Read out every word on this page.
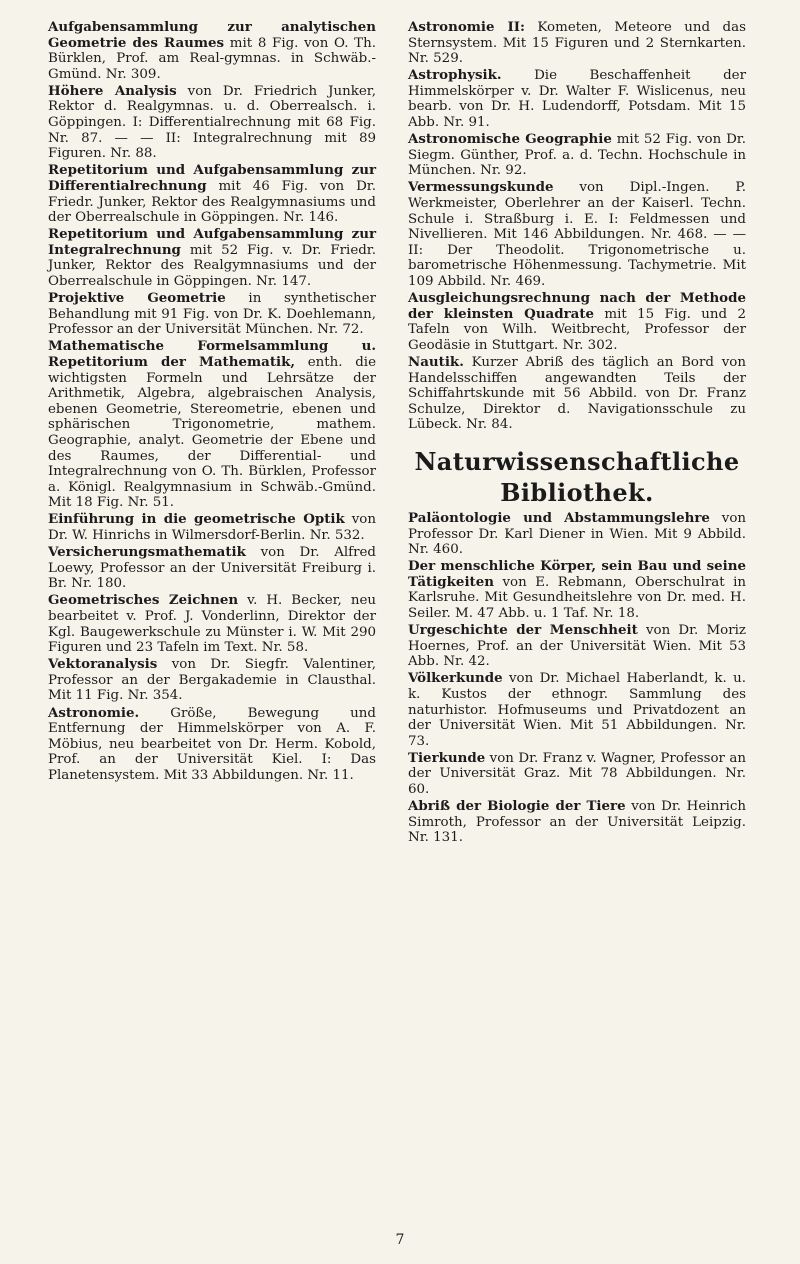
Aufgabensammlung zur analytischen Geometrie des Raumes mit 8 Fig. von O. Th. Bürklen, Prof. am Real-gymnas. in Schwäb.-Gmünd. Nr. 309.

Höhere Analysis von Dr. Friedrich Junker, Rektor d. Realgymnas. u. d. Oberrealsch. i. Göppingen. I: Differentialrechnung mit 68 Fig. Nr. 87. — — II: Integralrechnung mit 89 Figuren. Nr. 88.

Repetitorium und Aufgabensammlung zur Differentialrechnung mit 46 Fig. von Dr. Friedr. Junker, Rektor des Realgymnasiums und der Oberrealschule in Göppingen. Nr. 146.

Repetitorium und Aufgabensammlung zur Integralrechnung mit 52 Fig. v. Dr. Friedr. Junker, Rektor des Realgymnasiums und der Oberrealschule in Göppingen. Nr. 147.

Projektive Geometrie in synthetischer Behandlung mit 91 Fig. von Dr. K. Doehlemann, Professor an der Universität München. Nr. 72.

Mathematische Formelsammlung u. Repetitorium der Mathematik, enth. die wichtigsten Formeln und Lehrsätze der Arithmetik, Algebra, algebraischen Analysis, ebenen Geometrie, Stereometrie, ebenen und sphärischen Trigonometrie, mathem. Geographie, analyt. Geometrie der Ebene und des Raumes, der Differential- und Integralrechnung von O. Th. Bürklen, Professor a. Königl. Realgymnasium in Schwäb.-Gmünd. Mit 18 Fig. Nr. 51.

Einführung in die geometrische Optik von Dr. W. Hinrichs in Wilmersdorf-Berlin. Nr. 532.

Versicherungsmathematik von Dr. Alfred Loewy, Professor an der Universität Freiburg i. Br. Nr. 180.

Geometrisches Zeichnen v. H. Becker, neu bearbeitet v. Prof. J. Vonderlinn, Direktor der Kgl. Baugewerkschule zu Münster i. W. Mit 290 Figuren und 23 Tafeln im Text. Nr. 58.

Vektoranalysis von Dr. Siegfr. Valentiner, Professor an der Bergakademie in Clausthal. Mit 11 Fig. Nr. 354.

Astronomie. Größe, Bewegung und Entfernung der Himmelskörper von A. F. Möbius, neu bearbeitet von Dr. Herm. Kobold, Prof. an der Universität Kiel. I: Das Planetensystem. Mit 33 Abbildungen. Nr. 11.

Astronomie II: Kometen, Meteore und das Sternsystem. Mit 15 Figuren und 2 Sternkarten. Nr. 529.

Astrophysik. Die Beschaffenheit der Himmelskörper v. Dr. Walter F. Wislicenus, neu bearb. von Dr. H. Ludendorff, Potsdam. Mit 15 Abb. Nr. 91.

Astronomische Geographie mit 52 Fig. von Dr. Siegm. Günther, Prof. a. d. Techn. Hochschule in München. Nr. 92.

Vermessungskunde von Dipl.-Ingen. P. Werkmeister, Oberlehrer an der Kaiserl. Techn. Schule i. Straßburg i. E. I: Feldmessen und Nivellieren. Mit 146 Abbildungen. Nr. 468. — — II: Der Theodolit. Trigonometrische u. barometrische Höhenmessung. Tachymetrie. Mit 109 Abbild. Nr. 469.

Ausgleichungsrechnung nach der Methode der kleinsten Quadrate mit 15 Fig. und 2 Tafeln von Wilh. Weitbrecht, Professor der Geodäsie in Stuttgart. Nr. 302.

Nautik. Kurzer Abriß des täglich an Bord von Handelsschiffen angewandten Teils der Schiffahrtskunde mit 56 Abbild. von Dr. Franz Schulze, Direktor d. Navigationsschule zu Lübeck. Nr. 84.

Naturwissenschaftliche
Bibliothek.

Paläontologie und Abstammungslehre von Professor Dr. Karl Diener in Wien. Mit 9 Abbild. Nr. 460.

Der menschliche Körper, sein Bau und seine Tätigkeiten von E. Rebmann, Oberschulrat in Karlsruhe. Mit Gesundheitslehre von Dr. med. H. Seiler. M. 47 Abb. u. 1 Taf. Nr. 18.

Urgeschichte der Menschheit von Dr. Moriz Hoernes, Prof. an der Universität Wien. Mit 53 Abb. Nr. 42.

Völkerkunde von Dr. Michael Haberlandt, k. u. k. Kustos der ethnogr. Sammlung des naturhistor. Hofmuseums und Privatdozent an der Universität Wien. Mit 51 Abbildungen. Nr. 73.

Tierkunde von Dr. Franz v. Wagner, Professor an der Universität Graz. Mit 78 Abbildungen. Nr. 60.

Abriß der Biologie der Tiere von Dr. Heinrich Simroth, Professor an der Universität Leipzig. Nr. 131.

7
